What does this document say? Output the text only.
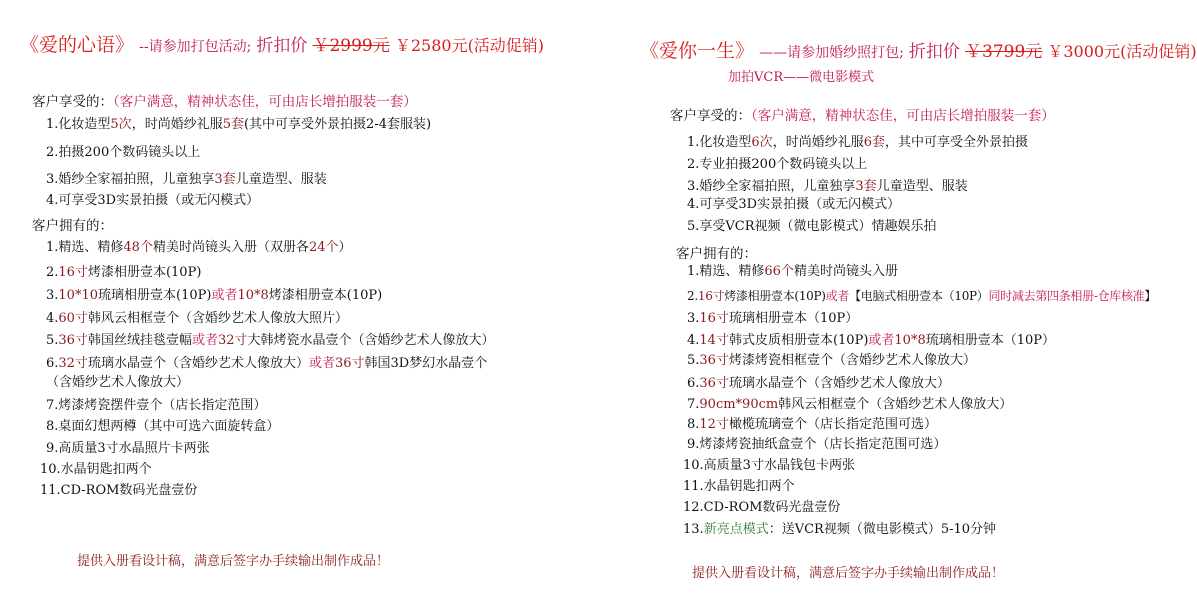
《爱的心语》 --请参加打包活动; 折扣价 ￥2999元 ￥2580元(活动促销)
客户享受的：（客户满意，精神状态佳，可由店长增拍服装一套）
1.化妆造型5次，时尚婚纱礼服5套(其中可享受外景拍摄2-4套服装)
2.拍摄200个数码镜头以上
3.婚纱全家福拍照，儿童独享3套儿童造型、服装
4.可享受3D实景拍摄（或无闪模式）
客户拥有的：
1.精选、精修48个精美时尚镜头入册（双册各24个）
2.16寸烤漆相册壹本(10P)
3.10*10琉璃相册壹本(10P)或者10*8烤漆相册壹本(10P)
4.60寸韩风云相框壹个（含婚纱艺术人像放大照片）
5.36寸韩国丝绒挂毯壹幅或者32寸大韩烤瓷水晶壹个（含婚纱艺术人像放大）
6.32寸琉璃水晶壹个（含婚纱艺术人像放大）或者36寸韩国3D梦幻水晶壹个
（含婚纱艺术人像放大）
7.烤漆烤瓷摆件壹个（店长指定范围）
8.桌面幻想两樽（其中可选六面旋转盒）
9.高质量3寸水晶照片卡两张
10.水晶钥匙扣两个
11.CD-ROM数码光盘壹份
提供入册看设计稿，满意后签字办手续输出制作成品！
《爱你一生》 ——请参加婚纱照打包; 折扣价 ￥3799元 ￥3000元(活动促销)
加拍VCR——微电影模式
客户享受的：（客户满意，精神状态佳，可由店长增拍服装一套）
1.化妆造型6次，时尚婚纱礼服6套，其中可享受全外景拍摄
2.专业拍摄200个数码镜头以上
3.婚纱全家福拍照，儿童独享3套儿童造型、服装
4.可享受3D实景拍摄（或无闪模式）
5.享受VCR视频（微电影模式）情趣娱乐拍
客户拥有的：
1.精选、精修66个精美时尚镜头入册
2.16寸烤漆相册壹本(10P)或者【电脑式相册壹本（10P）同时减去第四条相册-仓库核准】
3.16寸琉璃相册壹本（10P）
4.14寸韩式皮质相册壹本(10P)或者10*8琉璃相册壹本（10P）
5.36寸烤漆烤瓷相框壹个（含婚纱艺术人像放大）
6.36寸琉璃水晶壹个（含婚纱艺术人像放大）
7.90cm*90cm韩风云相框壹个（含婚纱艺术人像放大）
8.12寸橄榄琉璃壹个（店长指定范围可选）
9.烤漆烤瓷抽纸盒壹个（店长指定范围可选）
10.高质量3寸水晶钱包卡两张
11.水晶钥匙扣两个
12.CD-ROM数码光盘壹份
13.新亮点模式：送VCR视频（微电影模式）5-10分钟
提供入册看设计稿，满意后签字办手续输出制作成品！
